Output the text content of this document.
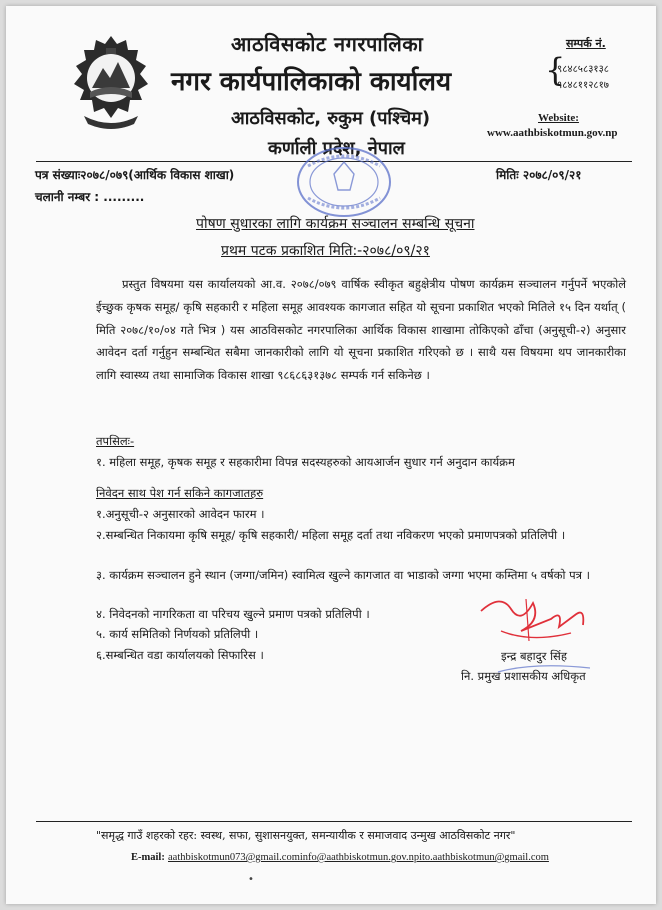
आठविसकोट नगरपालिका
नगर कार्यपालिकाको कार्यालय
आठविसकोट, रुकुम (पश्चिम)
कर्णाली प्रदेश, नेपाल
सम्पर्क नं.
{
९८४८५८३१३८
९८४८११२८१७
Website:
www.aathbiskotmun.gov.np
पत्र संख्याः२०७८/०७९(आर्थिक विकास शाखा)	मितिः २०७८/०९/२१
चलानी नम्बर : .........
पोषण सुधारका लागि कार्यक्रम सञ्चालन सम्बन्धि सूचना
प्रथम पटक प्रकाशित मिति:-२०७८/०९/२१

प्रस्तुत विषयमा यस कार्यालयको आ.व. २०७८/०७९ वार्षिक स्वीकृत बहुक्षेत्रीय पोषण कार्यक्रम सञ्चालन गर्नुपर्ने भएकोले ईच्छुक कृषक समूह/ कृषि सहकारी र महिला समूह आवश्यक कागजात सहित यो सूचना प्रकाशित भएको मितिले १५ दिन यर्थात् ( मिति २०७८/१०/०४ गते भित्र ) यस आठविसकोट नगरपालिका आर्थिक विकास शाखामा तोकिएको ढाँचा (अनुसूची-२) अनुसार आवेदन दर्ता गर्नुहुन सम्बन्धित सबैमा जानकारीको लागि यो सूचना प्रकाशित गरिएको छ । साथै यस विषयमा थप जानकारीका लागि स्वास्थ्य तथा सामाजिक विकास शाखा ९८६८६३१३७८ सम्पर्क गर्न सकिनेछ ।

तपसिलः-
१. महिला समूह, कृषक समूह र सहकारीमा विपन्न सदस्यहरुको आयआर्जन सुधार गर्न अनुदान कार्यक्रम
निवेदन साथ पेश गर्न सकिने कागजातहरु
१.अनुसूची-२ अनुसारको आवेदन फारम ।
२.सम्बन्धित निकायमा कृषि समूह/ कृषि सहकारी/ महिला समूह दर्ता तथा नविकरण भएको प्रमाणपत्रको प्रतिलिपी ।
३. कार्यक्रम सञ्चालन हुने स्थान (जग्गा/जमिन) स्वामित्व खुल्ने कागजात वा भाडाको जग्गा भएमा कम्तिमा ५ वर्षको पत्र ।
४. निवेदनको नागरिकता वा परिचय खुल्ने प्रमाण पत्रको प्रतिलिपी ।
५. कार्य समितिको निर्णयको प्रतिलिपी ।
६.सम्बन्धित वडा कार्यालयको सिफारिस ।	इन्द्र बहादुर सिंह
नि. प्रमुख प्रशासकीय अधिकृत
"समृद्ध गाउँ शहरको रहर: स्वस्थ, सफा, सुशासनयुक्त, समन्यायीक र समाजवाद उन्मुख आठविसकोट नगर"
E-mail: aathbiskotmun073@gmail.cominfo@aathbiskotmun.gov.npito.aathbiskotmun@gmail.com
•
